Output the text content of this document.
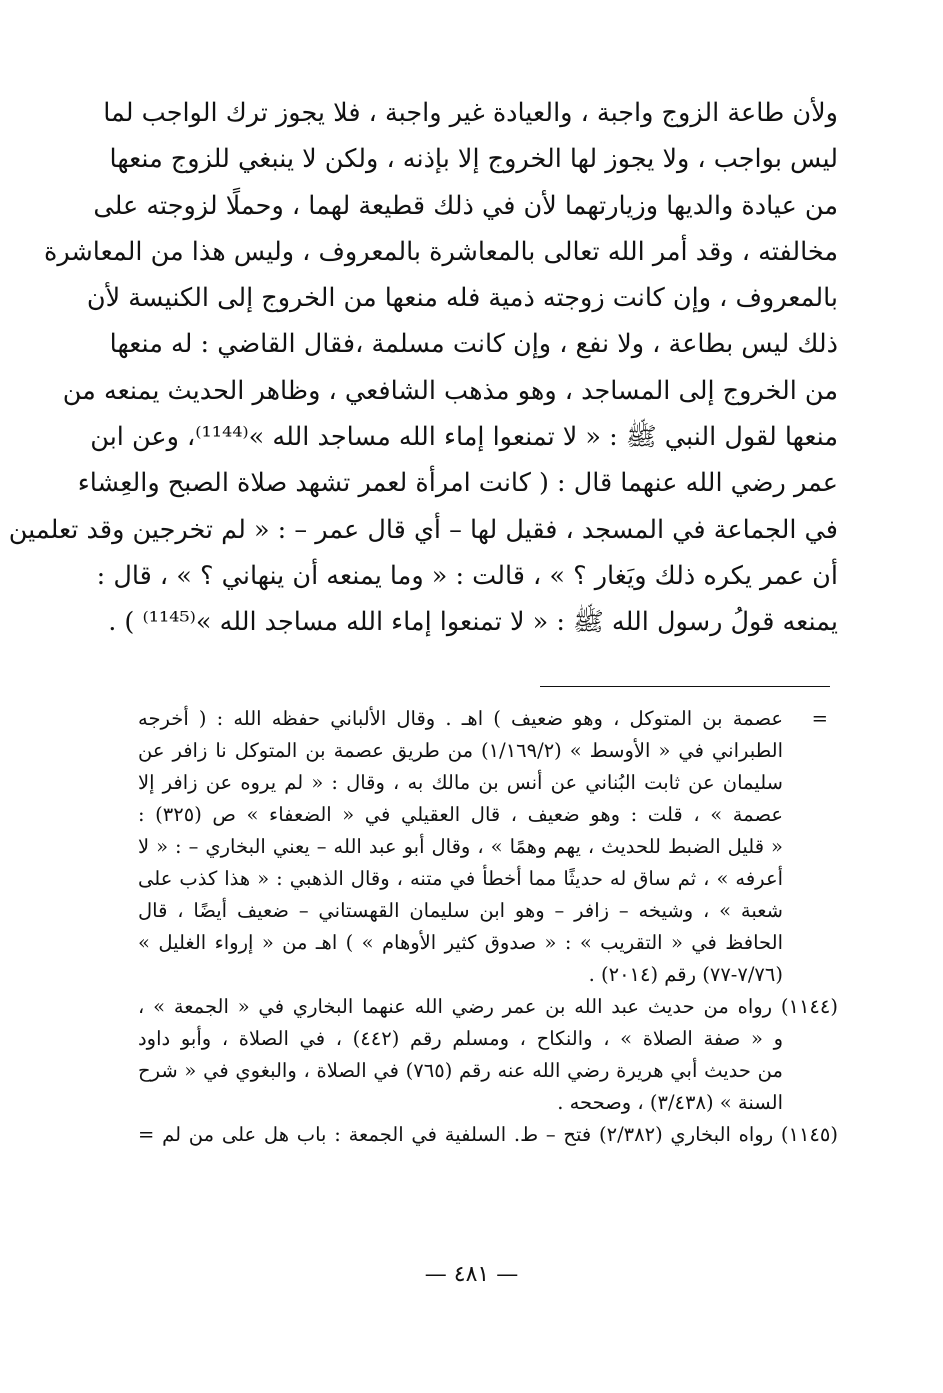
ولأن طاعة الزوج واجبة ، والعيادة غير واجبة ، فلا يجوز ترك الواجب لما
ليس بواجب ، ولا يجوز لها الخروج إلا بإذنه ، ولكن لا ينبغي للزوج منعها
من عيادة والديها وزيارتهما لأن في ذلك قطيعة لهما ، وحملًا لزوجته على
مخالفته ، وقد أمر الله تعالى بالمعاشرة بالمعروف ، وليس هذا من المعاشرة
بالمعروف ، وإن كانت زوجته ذمية فله منعها من الخروج إلى الكنيسة لأن
ذلك ليس بطاعة ، ولا نفع ، وإن كانت مسلمة ،فقال القاضي : له منعها
من الخروج إلى المساجد ، وهو مذهب الشافعي ، وظاهر الحديث يمنعه من
منعها لقول النبي ﷺ : « لا تمنعوا إماء الله مساجد الله »⁽¹¹⁴⁴⁾، وعن ابن
عمر رضي الله عنهما قال : ( كانت امرأة لعمر تشهد صلاة الصبح والعِشاء
في الجماعة في المسجد ، فقيل لها – أي قال عمر – : « لم تخرجين وقد تعلمين
أن عمر يكره ذلك ويَغار ؟ » ، قالت : « وما يمنعه أن ينهاني ؟ » ، قال :
يمنعه قولُ رسول الله ﷺ : « لا تمنعوا إماء الله مساجد الله »⁽¹¹⁴⁵⁾ ) .
=
عصمة بن المتوكل ، وهو ضعيف ) اهـ . وقال الألباني حفظه الله : ( أخرجه
الطبراني في « الأوسط » (١/١٦٩/٢) من طريق عصمة بن المتوكل نا زافر عن
سليمان عن ثابت البُناني عن أنس بن مالك به ، وقال : « لم يروه عن زافر إلا
عصمة » ، قلت : وهو ضعيف ، قال العقيلي في « الضعفاء » ص (٣٢٥) :
« قليل الضبط للحديث ، يهم وهمًا » ، وقال أبو عبد الله – يعني البخاري – : « لا
أعرفه » ، ثم ساق له حديثًا مما أخطأ في متنه ، وقال الذهبي : « هذا كذب على
شعبة » ، وشيخه – زافر – وهو ابن سليمان القهستاني – ضعيف أيضًا ، قال
الحافظ في « التقريب » : « صدوق كثير الأوهام » ) اهـ من « إرواء الغليل »
(٧/٧٦-٧٧) رقم (٢٠١٤) .
(١١٤٤) رواه من حديث عبد الله بن عمر رضي الله عنهما البخاري في « الجمعة » ،
و « صفة الصلاة » ، والنكاح ، ومسلم رقم (٤٤٢) ، في الصلاة ، وأبو داود
من حديث أبي هريرة رضي الله عنه رقم (٧٦٥) في الصلاة ، والبغوي في « شرح
السنة » (٣/٤٣٨) ، وصححه .
(١١٤٥) رواه البخاري (٢/٣٨٢) فتح – ط. السلفية في الجمعة : باب هل على من لم =
— ٤٨١ —
